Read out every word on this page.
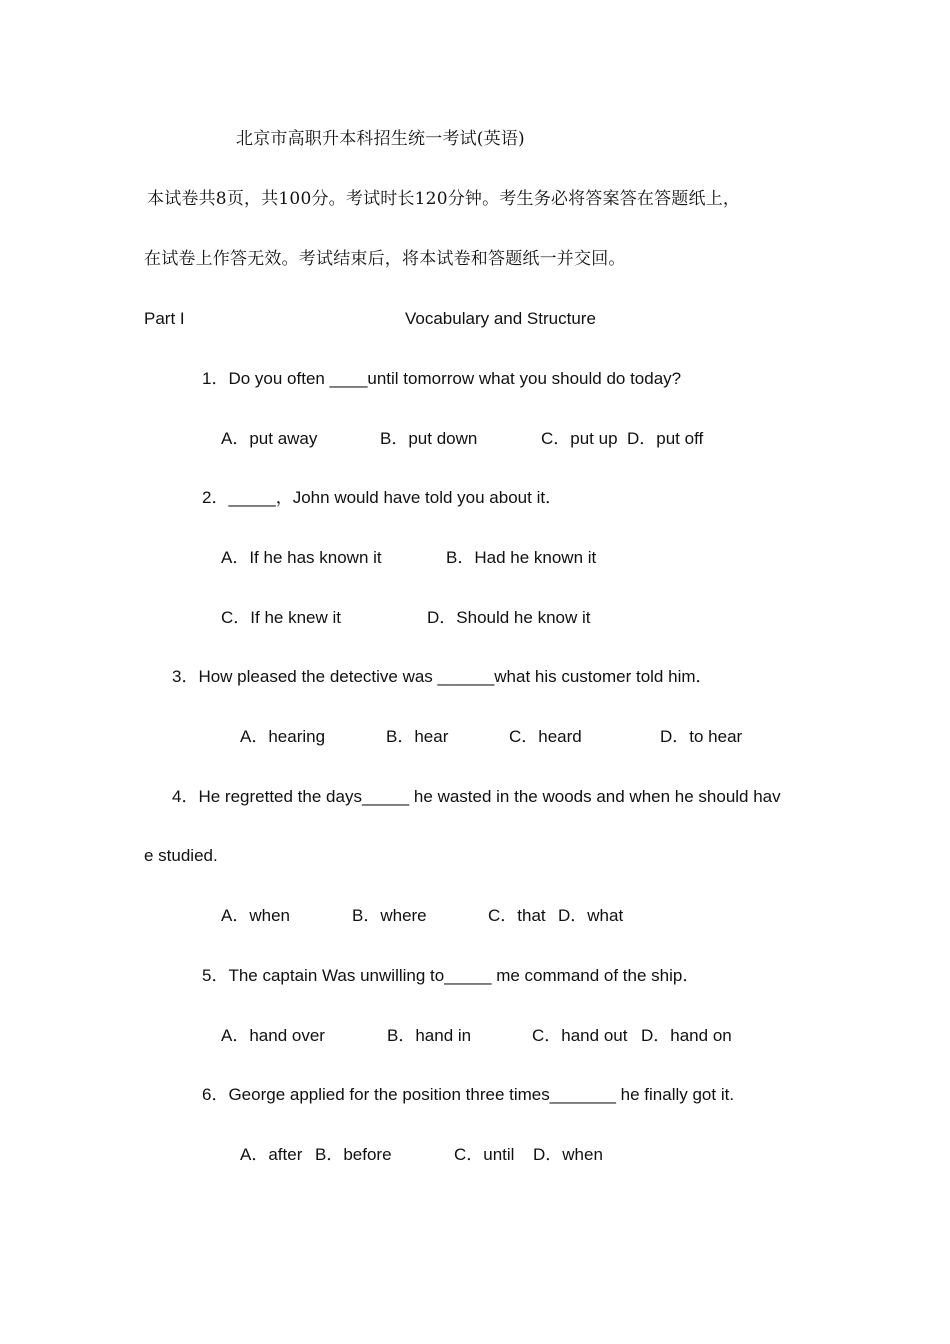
北京市高职升本科招生统一考试(英语)
本试卷共8页，共100分。考试时长120分钟。考生务必将答案答在答题纸上，
在试卷上作答无效。考试结束后，将本试卷和答题纸一并交回。
Part I	Vocabulary and Structure
1．Do you often ____until tomorrow what you should do today?
A．put away	B．put down	C．put up D．put off
2．_____，John would have told you about it．
A．If he has known it	B．Had he known it
C．If he knew it	D．Should he know it
3．How pleased the detective was ______what his customer told him．
A．hearing	B．hear	C．heard	D．to hear
4．He regretted the days_____ he wasted in the woods and when he should hav
e studied.
A．when	B．where	C．that D．what
5．The captain Was unwilling to_____ me command of the ship．
A．hand over	B．hand in	C．hand out D．hand on
6．George applied for the position three times_______ he finally got it.
A．after B．before	C．until D．when
